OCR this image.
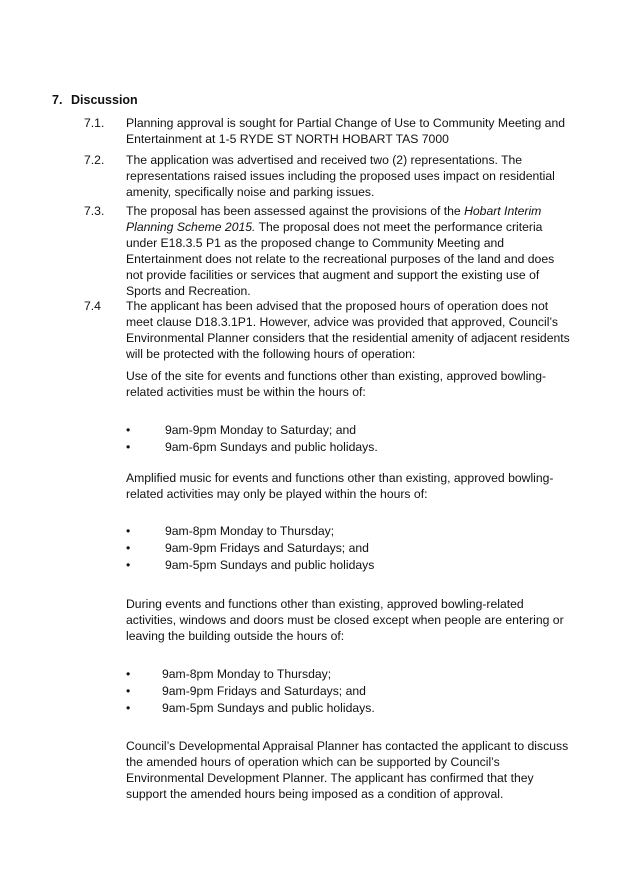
7. Discussion
7.1. Planning approval is sought for Partial Change of Use to Community Meeting and Entertainment at 1-5 RYDE ST NORTH HOBART TAS 7000
7.2. The application was advertised and received two (2) representations. The representations raised issues including the proposed uses impact on residential amenity, specifically noise and parking issues.
7.3. The proposal has been assessed against the provisions of the Hobart Interim Planning Scheme 2015. The proposal does not meet the performance criteria under E18.3.5 P1 as the proposed change to Community Meeting and Entertainment does not relate to the recreational purposes of the land and does not provide facilities or services that augment and support the existing use of Sports and Recreation.
7.4 The applicant has been advised that the proposed hours of operation does not meet clause D18.3.1P1. However, advice was provided that approved, Council’s Environmental Planner considers that the residential amenity of adjacent residents will be protected with the following hours of operation:
Use of the site for events and functions other than existing, approved bowling-related activities must be within the hours of:
•	9am-9pm Monday to Saturday; and
•	9am-6pm Sundays and public holidays.
Amplified music for events and functions other than existing, approved bowling-related activities may only be played within the hours of:
•	9am-8pm Monday to Thursday;
•	9am-9pm Fridays and Saturdays; and
•	9am-5pm Sundays and public holidays
During events and functions other than existing, approved bowling-related activities, windows and doors must be closed except when people are entering or leaving the building outside the hours of:
•	9am-8pm Monday to Thursday;
•	9am-9pm Fridays and Saturdays; and
•	9am-5pm Sundays and public holidays.
Council’s Developmental Appraisal Planner has contacted the applicant to discuss the amended hours of operation which can be supported by Council’s Environmental Development Planner. The applicant has confirmed that they support the amended hours being imposed as a condition of approval.
